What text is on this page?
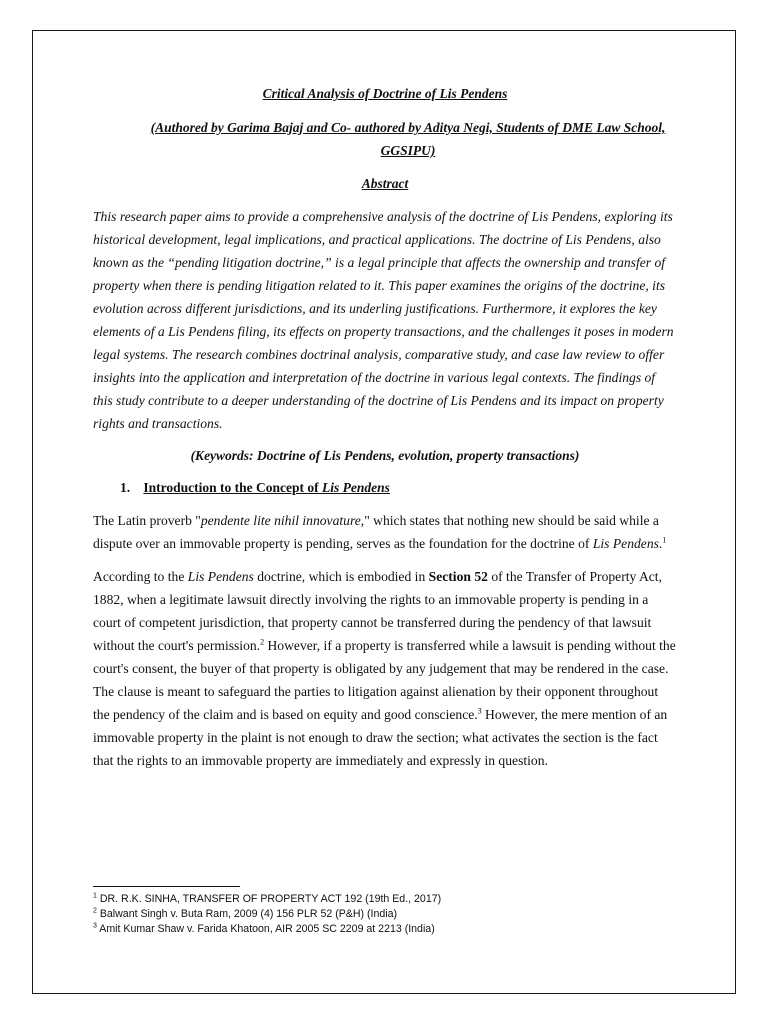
Critical Analysis of Doctrine of Lis Pendens

(Authored by Garima Bajaj and Co- authored by Aditya Negi, Students of DME Law School, GGSIPU)

Abstract

This research paper aims to provide a comprehensive analysis of the doctrine of Lis Pendens, exploring its historical development, legal implications, and practical applications. The doctrine of Lis Pendens, also known as the “pending litigation doctrine,” is a legal principle that affects the ownership and transfer of property when there is pending litigation related to it. This paper examines the origins of the doctrine, its evolution across different jurisdictions, and its underling justifications. Furthermore, it explores the key elements of a Lis Pendens filing, its effects on property transactions, and the challenges it poses in modern legal systems. The research combines doctrinal analysis, comparative study, and case law review to offer insights into the application and interpretation of the doctrine in various legal contexts. The findings of this study contribute to a deeper understanding of the doctrine of Lis Pendens and its impact on property rights and transactions.

(Keywords: Doctrine of Lis Pendens, evolution, property transactions)

1. Introduction to the Concept of Lis Pendens

The Latin proverb "pendente lite nihil innovature," which states that nothing new should be said while a dispute over an immovable property is pending, serves as the foundation for the doctrine of Lis Pendens.$^1$

According to the Lis Pendens doctrine, which is embodied in Section 52 of the Transfer of Property Act, 1882, when a legitimate lawsuit directly involving the rights to an immovable property is pending in a court of competent jurisdiction, that property cannot be transferred during the pendency of that lawsuit without the court's permission.$^2$ However, if a property is transferred while a lawsuit is pending without the court's consent, the buyer of that property is obligated by any judgement that may be rendered in the case. The clause is meant to safeguard the parties to litigation against alienation by their opponent throughout the pendency of the claim and is based on equity and good conscience.$^3$ However, the mere mention of an immovable property in the plaint is not enough to draw the section; what activates the section is the fact that the rights to an immovable property are immediately and expressly in question.

$^1$ DR. R.K. SINHA, TRANSFER OF PROPERTY ACT 192 (19th Ed., 2017)
$^2$ Balwant Singh v. Buta Ram, 2009 (4) 156 PLR 52 (P&H) (India)
$^3$ Amit Kumar Shaw v. Farida Khatoon, AIR 2005 SC 2209 at 2213 (India)
